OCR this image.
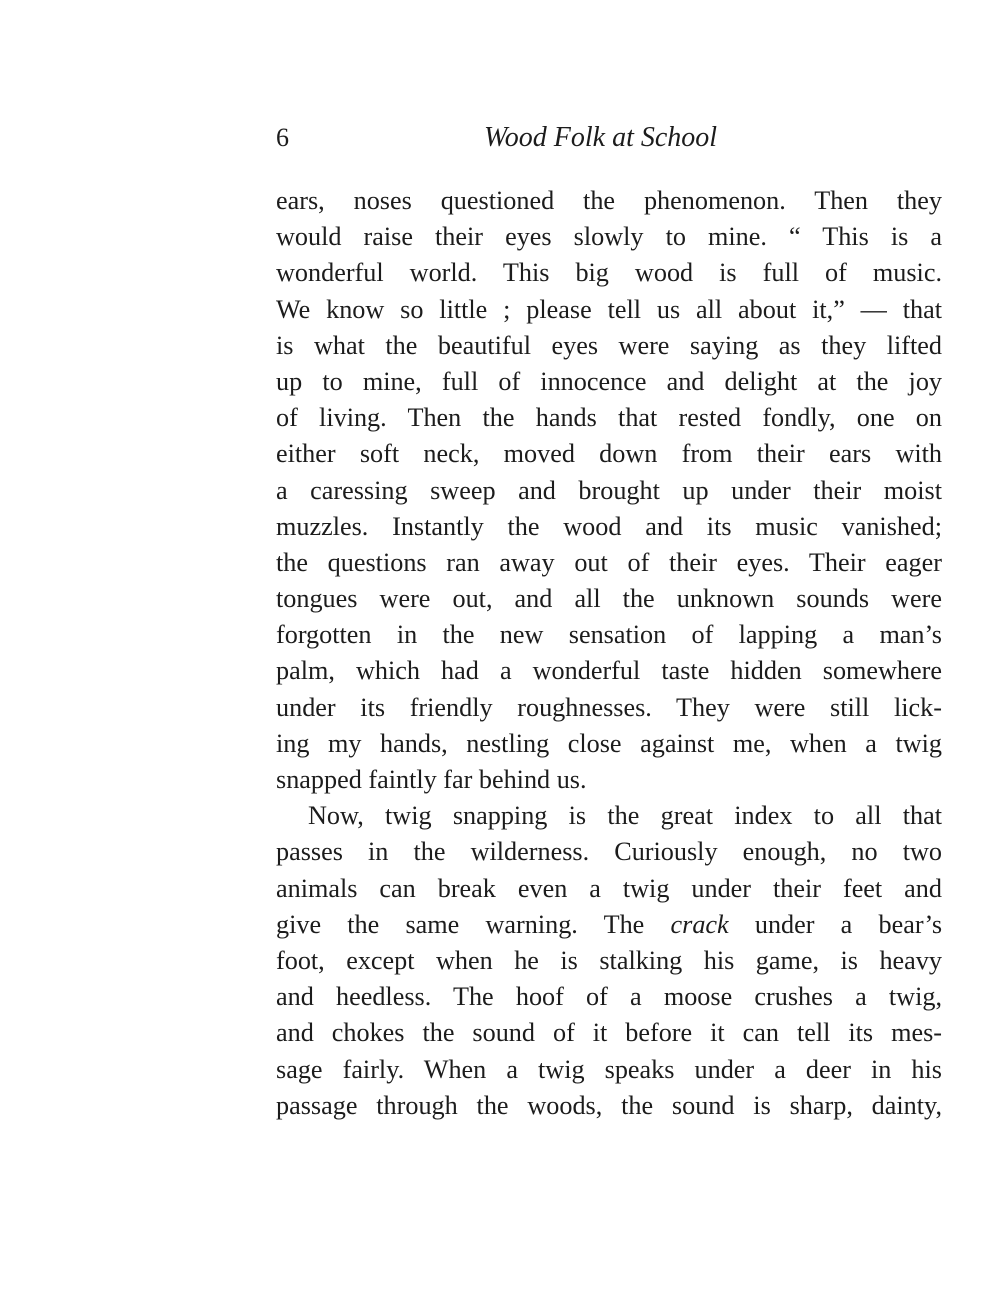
6	Wood Folk at School
ears, noses questioned the phenomenon. Then they
would raise their eyes slowly to mine. “ This is a
wonderful world. This big wood is full of music.
We know so little ; please tell us all about it,” — that
is what the beautiful eyes were saying as they lifted
up to mine, full of innocence and delight at the joy
of living. Then the hands that rested fondly, one on
either soft neck, moved down from their ears with
a caressing sweep and brought up under their moist
muzzles. Instantly the wood and its music vanished;
the questions ran away out of their eyes. Their eager
tongues were out, and all the unknown sounds were
forgotten in the new sensation of lapping a man’s
palm, which had a wonderful taste hidden somewhere
under its friendly roughnesses. They were still lick-
ing my hands, nestling close against me, when a twig
snapped faintly far behind us.
Now, twig snapping is the great index to all that
passes in the wilderness. Curiously enough, no two
animals can break even a twig under their feet and
give the same warning. The crack under a bear’s
foot, except when he is stalking his game, is heavy
and heedless. The hoof of a moose crushes a twig,
and chokes the sound of it before it can tell its mes-
sage fairly. When a twig speaks under a deer in his
passage through the woods, the sound is sharp, dainty,
